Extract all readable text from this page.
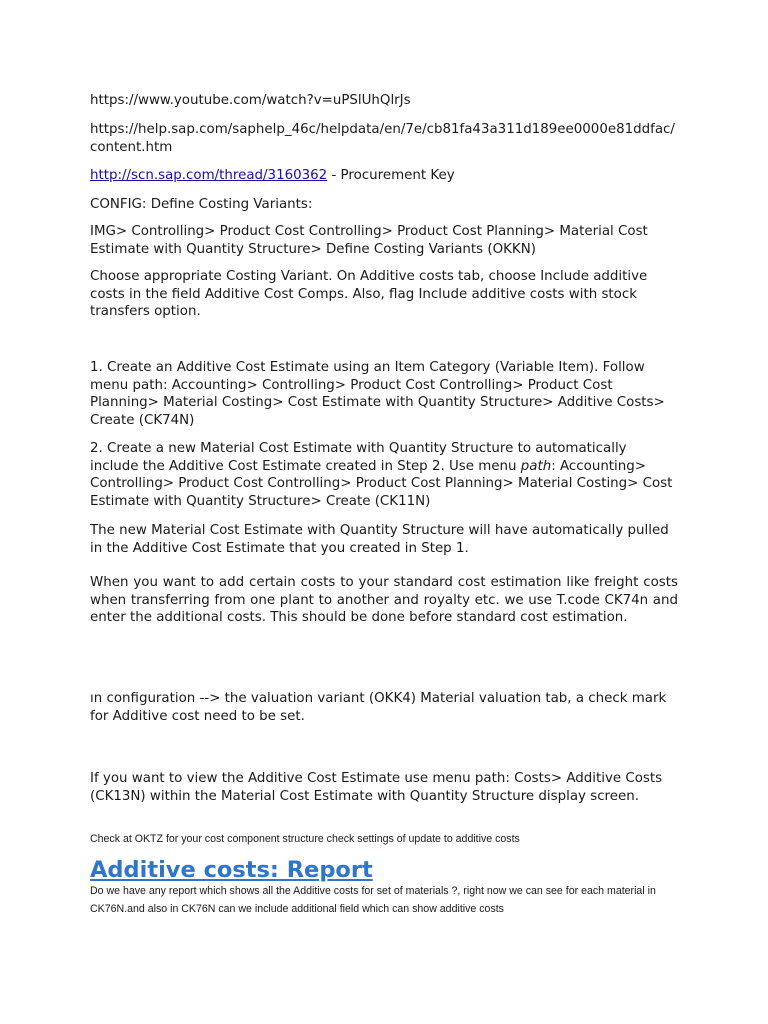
https://www.youtube.com/watch?v=uPSlUhQlrJs

https://help.sap.com/saphelp_46c/helpdata/en/7e/cb81fa43a311d189ee0000e81ddfac/content.htm

http://scn.sap.com/thread/3160362 - Procurement Key

CONFIG: Define Costing Variants:

IMG> Controlling> Product Cost Controlling> Product Cost Planning> Material Cost Estimate with Quantity Structure> Define Costing Variants (OKKN)

Choose appropriate Costing Variant. On Additive costs tab, choose Include additive costs in the field Additive Cost Comps. Also, flag Include additive costs with stock transfers option.

1. Create an Additive Cost Estimate using an Item Category (Variable Item). Follow menu path: Accounting> Controlling> Product Cost Controlling> Product Cost Planning> Material Costing> Cost Estimate with Quantity Structure> Additive Costs> Create (CK74N)

2. Create a new Material Cost Estimate with Quantity Structure to automatically include the Additive Cost Estimate created in Step 2. Use menu path: Accounting> Controlling> Product Cost Controlling> Product Cost Planning> Material Costing> Cost Estimate with Quantity Structure> Create (CK11N)

The new Material Cost Estimate with Quantity Structure will have automatically pulled in the Additive Cost Estimate that you created in Step 1.

When you want to add certain costs to your standard cost estimation like freight costs when transferring from one plant to another and royalty etc. we use T.code CK74n and enter the additional costs. This should be done before standard cost estimation.

ın configuration --> the valuation variant (OKK4) Material valuation tab, a check mark for Additive cost need to be set.

If you want to view the Additive Cost Estimate use menu path: Costs> Additive Costs (CK13N) within the Material Cost Estimate with Quantity Structure display screen.

Check at OKTZ for your cost component structure check settings of update to additive costs

Additive costs: Report

Do we have any report which shows all the Additive costs for set of materials ?, right now we can see for each material in CK76N.and also in CK76N can we include additional field which can show additive costs
